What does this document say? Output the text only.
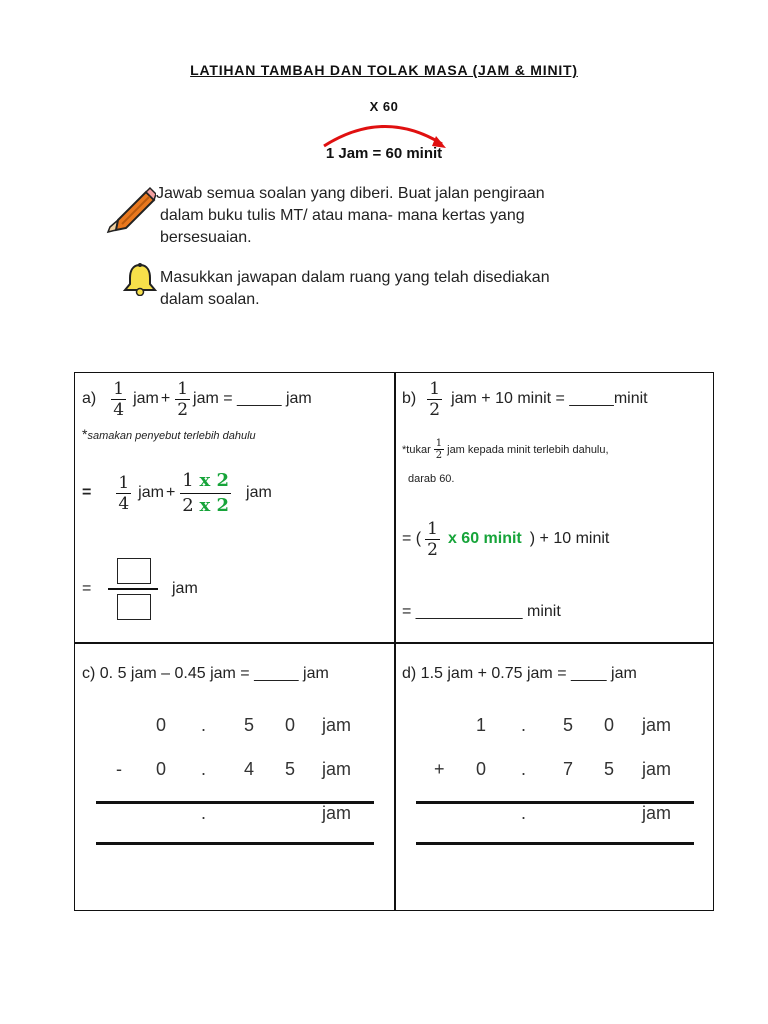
LATIHAN TAMBAH DAN TOLAK MASA (JAM & MINIT)
X 60
1 Jam = 60 minit
Jawab semua soalan yang diberi. Buat jalan pengiraan
dalam buku tulis MT/ atau mana- mana kertas yang
bersesuaian.
Masukkan jawapan dalam ruang yang telah disediakan
dalam soalan.
$a) \frac{1}{4}$ jam + $\frac{1}{2}$ jam = _____ jam
*samakan penyebut terlebih dahulu
= $\frac{1}{4}$ jam + $\frac{1 x 2}{2 x 2}$ jam
=	jam
$b) \frac{1}{2}$ jam + 10 minit = _____minit
*tukar $\frac{1}{2}$ jam kepada minit terlebih dahulu,
darab 60.
= ( $\frac{1}{2}$ x 60 minit ) + 10 minit
= ____________ minit
c) 0. 5 jam – 0.45 jam = _____ jam
0 . 5 0 jam
- 0 . 4 5 jam
.	jam
d) 1.5 jam + 0.75 jam = ____ jam
1 . 5 0 jam
+ 0 . 7 5 jam
.	jam
